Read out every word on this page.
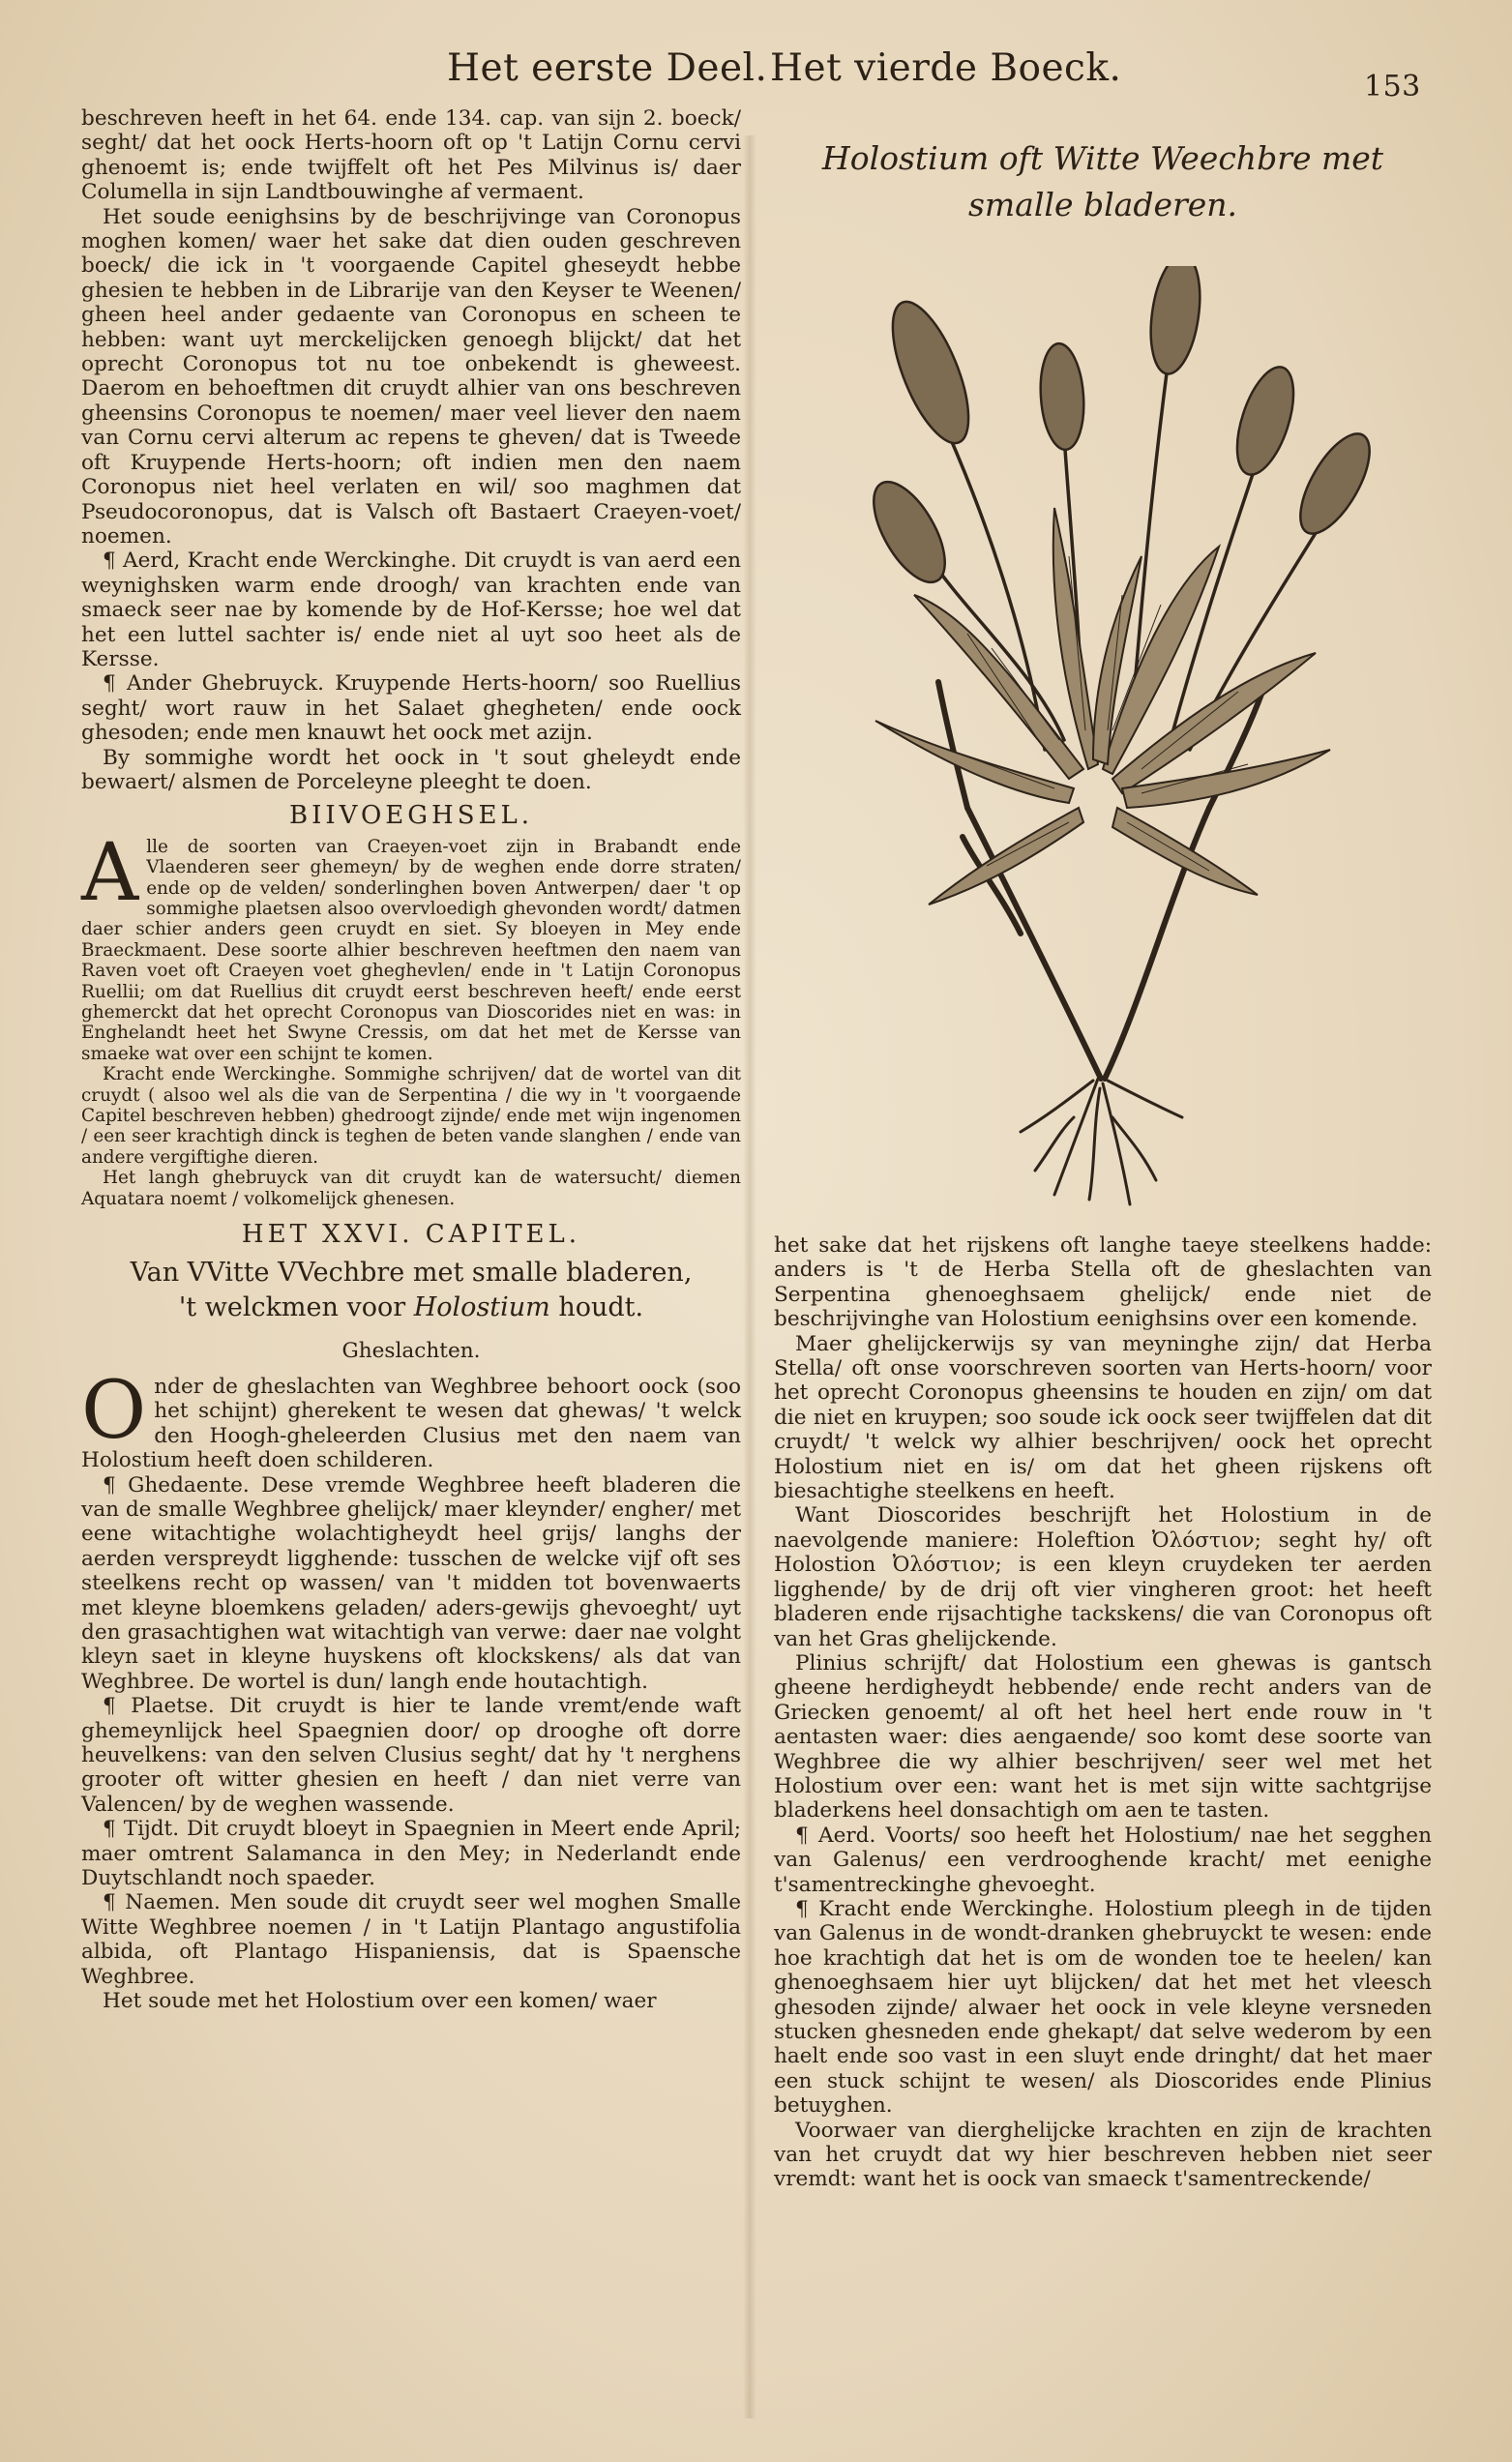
Het eerste Deel. Het vierde Boeck.	153

beschreven heeft in het 64. ende 134. cap. van sijn 2. boeck/ seght/ dat het oock Herts-hoorn oft op 't Latijn Cornu cervi ghenoemt is; ende twijffelt oft het Pes Milvinus is/ daer Columella in sijn Landtbouwinghe af vermaent.

Het soude eenighsins by de beschrijvinge van Coronopus moghen komen/ waer het sake dat dien ouden geschreven boeck/ die ick in 't voorgaende Capitel gheseydt hebbe ghesien te hebben in de Librarije van den Keyser te Weenen/ gheen heel ander gedaente van Coronopus en scheen te hebben: want uyt merckelijcken genoegh blijckt/ dat het oprecht Coronopus tot nu toe onbekendt is gheweest. Daerom en behoeftmen dit cruydt alhier van ons beschreven gheensins Coronopus te noemen/ maer veel liever den naem van Cornu cervi alterum ac repens te gheven/ dat is Tweede oft Kruypende Herts-hoorn; oft indien men den naem Coronopus niet heel verlaten en wil/ soo maghmen dat Pseudocoronopus, dat is Valsch oft Bastaert Craeyen-voet/ noemen.

¶ Aerd, Kracht ende Werckinghe. Dit cruydt is van aerd een weynighsken warm ende droogh/ van krachten ende van smaeck seer nae by komende by de Hof-Kersse; hoe wel dat het een luttel sachter is/ ende niet al uyt soo heet als de Kersse.

¶ Ander Ghebruyck. Kruypende Herts-hoorn/ soo Ruellius seght/ wort rauw in het Salaet ghegheten/ ende oock ghesoden; ende men knauwt het oock met azijn.

By sommighe wordt het oock in 't sout gheleydt ende bewaert/ alsmen de Porceleyne pleeght te doen.

BIIVOEGHSEL.

A lle de soorten van Craeyen-voet zijn in Brabandt ende Vlaenderen seer ghemeyn/ by de weghen ende dorre straten/ ende op de velden/ sonderlinghen boven Antwerpen/ daer 't op sommighe plaetsen alsoo overvloedigh ghevonden wordt/ datmen daer schier anders geen cruydt en siet. Sy bloeyen in Mey ende Braeckmaent. Dese soorte alhier beschreven heeftmen den naem van Raven voet oft Craeyen voet gheghevlen/ ende in 't Latijn Coronopus Ruellii; om dat Ruellius dit cruydt eerst beschreven heeft/ ende eerst ghemerckt dat het oprecht Coronopus van Dioscorides niet en was: in Enghelandt heet het Swyne Cressis, om dat het met de Kersse van smaeke wat over een schijnt te komen.

Kracht ende Werckinghe. Sommighe schrijven/ dat de wortel van dit cruydt ( alsoo wel als die van de Serpentina / die wy in 't voorgaende Capitel beschreven hebben) ghedroogt zijnde/ ende met wijn ingenomen / een seer krachtigh dinck is teghen de beten vande slanghen / ende van andere vergiftighe dieren.

Het langh ghebruyck van dit cruydt kan de watersucht/ diemen Aquatara noemt / volkomelijck ghenesen.

HET XXVI. CAPITEL.

Van VVitte VVechbre met smalle bladeren,

't welckmen voor Holostium houdt.

Gheslachten.

O nder de gheslachten van Weghbree behoort oock (soo het schijnt) gherekent te wesen dat ghewas/ 't welck den Hoogh-gheleerden Clusius met den naem van Holostium heeft doen schilderen.

¶ Ghedaente. Dese vremde Weghbree heeft bladeren die van de smalle Weghbree ghelijck/ maer kleynder/ engher/ met eene witachtighe wolachtigheydt heel grijs/ langhs der aerden verspreydt ligghende: tusschen de welcke vijf oft ses steelkens recht op wassen/ van 't midden tot bovenwaerts met kleyne bloemkens geladen/ aders-gewijs ghevoeght/ uyt den grasachtighen wat witachtigh van verwe: daer nae volght kleyn saet in kleyne huyskens oft klockskens/ als dat van Weghbree. De wortel is dun/ langh ende houtachtigh.

¶ Plaetse. Dit cruydt is hier te lande vremt/ende waft ghemeynlijck heel Spaegnien door/ op drooghe oft dorre heuvelkens: van den selven Clusius seght/ dat hy 't nerghens grooter oft witter ghesien en heeft / dan niet verre van Valencen/ by de weghen wassende.

¶ Tijdt. Dit cruydt bloeyt in Spaegnien in Meert ende April; maer omtrent Salamanca in den Mey; in Nederlandt ende Duytschlandt noch spaeder.

¶ Naemen. Men soude dit cruydt seer wel moghen Smalle Witte Weghbree noemen / in 't Latijn Plantago angustifolia albida, oft Plantago Hispaniensis, dat is Spaensche Weghbree.

Het soude met het Holostium over een komen/ waer

Holostium oft Witte Weechbre met
smalle bladeren.

het sake dat het rijskens oft langhe taeye steelkens hadde: anders is 't de Herba Stella oft de gheslachten van Serpentina ghenoeghsaem ghelijck/ ende niet de beschrijvinghe van Holostium eenighsins over een komende.

Maer ghelijckerwijs sy van meyninghe zijn/ dat Herba Stella/ oft onse voorschreven soorten van Herts-hoorn/ voor het oprecht Coronopus gheensins te houden en zijn/ om dat die niet en kruypen; soo soude ick oock seer twijffelen dat dit cruydt/ 't welck wy alhier beschrijven/ oock het oprecht Holostium niet en is/ om dat het gheen rijskens oft biesachtighe steelkens en heeft.

Want Dioscorides beschrijft het Holostium in de naevolgende maniere: Holeftion Ὀλόστιον; seght hy/ oft Holostion Ὀλόστιον; is een kleyn cruydeken ter aerden ligghende/ by de drij oft vier vingheren groot: het heeft bladeren ende rijsachtighe tackskens/ die van Coronopus oft van het Gras ghelijckende.

Plinius schrijft/ dat Holostium een ghewas is gantsch gheene herdigheydt hebbende/ ende recht anders van de Griecken genoemt/ al oft het heel hert ende rouw in 't aentasten waer: dies aengaende/ soo komt dese soorte van Weghbree die wy alhier beschrijven/ seer wel met het Holostium over een: want het is met sijn witte sachtgrijse bladerkens heel donsachtigh om aen te tasten.

¶ Aerd. Voorts/ soo heeft het Holostium/ nae het segghen van Galenus/ een verdrooghende kracht/ met eenighe t'samentreckinghe ghevoeght.

¶ Kracht ende Werckinghe. Holostium pleegh in de tijden van Galenus in de wondt-dranken ghebruyckt te wesen: ende hoe krachtigh dat het is om de wonden toe te heelen/ kan ghenoeghsaem hier uyt blijcken/ dat het met het vleesch ghesoden zijnde/ alwaer het oock in vele kleyne versneden stucken ghesneden ende ghekapt/ dat selve wederom by een haelt ende soo vast in een sluyt ende dringht/ dat het maer een stuck schijnt te wesen/ als Dioscorides ende Plinius betuyghen.

Voorwaer van dierghelijcke krachten en zijn de krachten van het cruydt dat wy hier beschreven hebben niet seer vremdt: want het is oock van smaeck t'samentreckende/
